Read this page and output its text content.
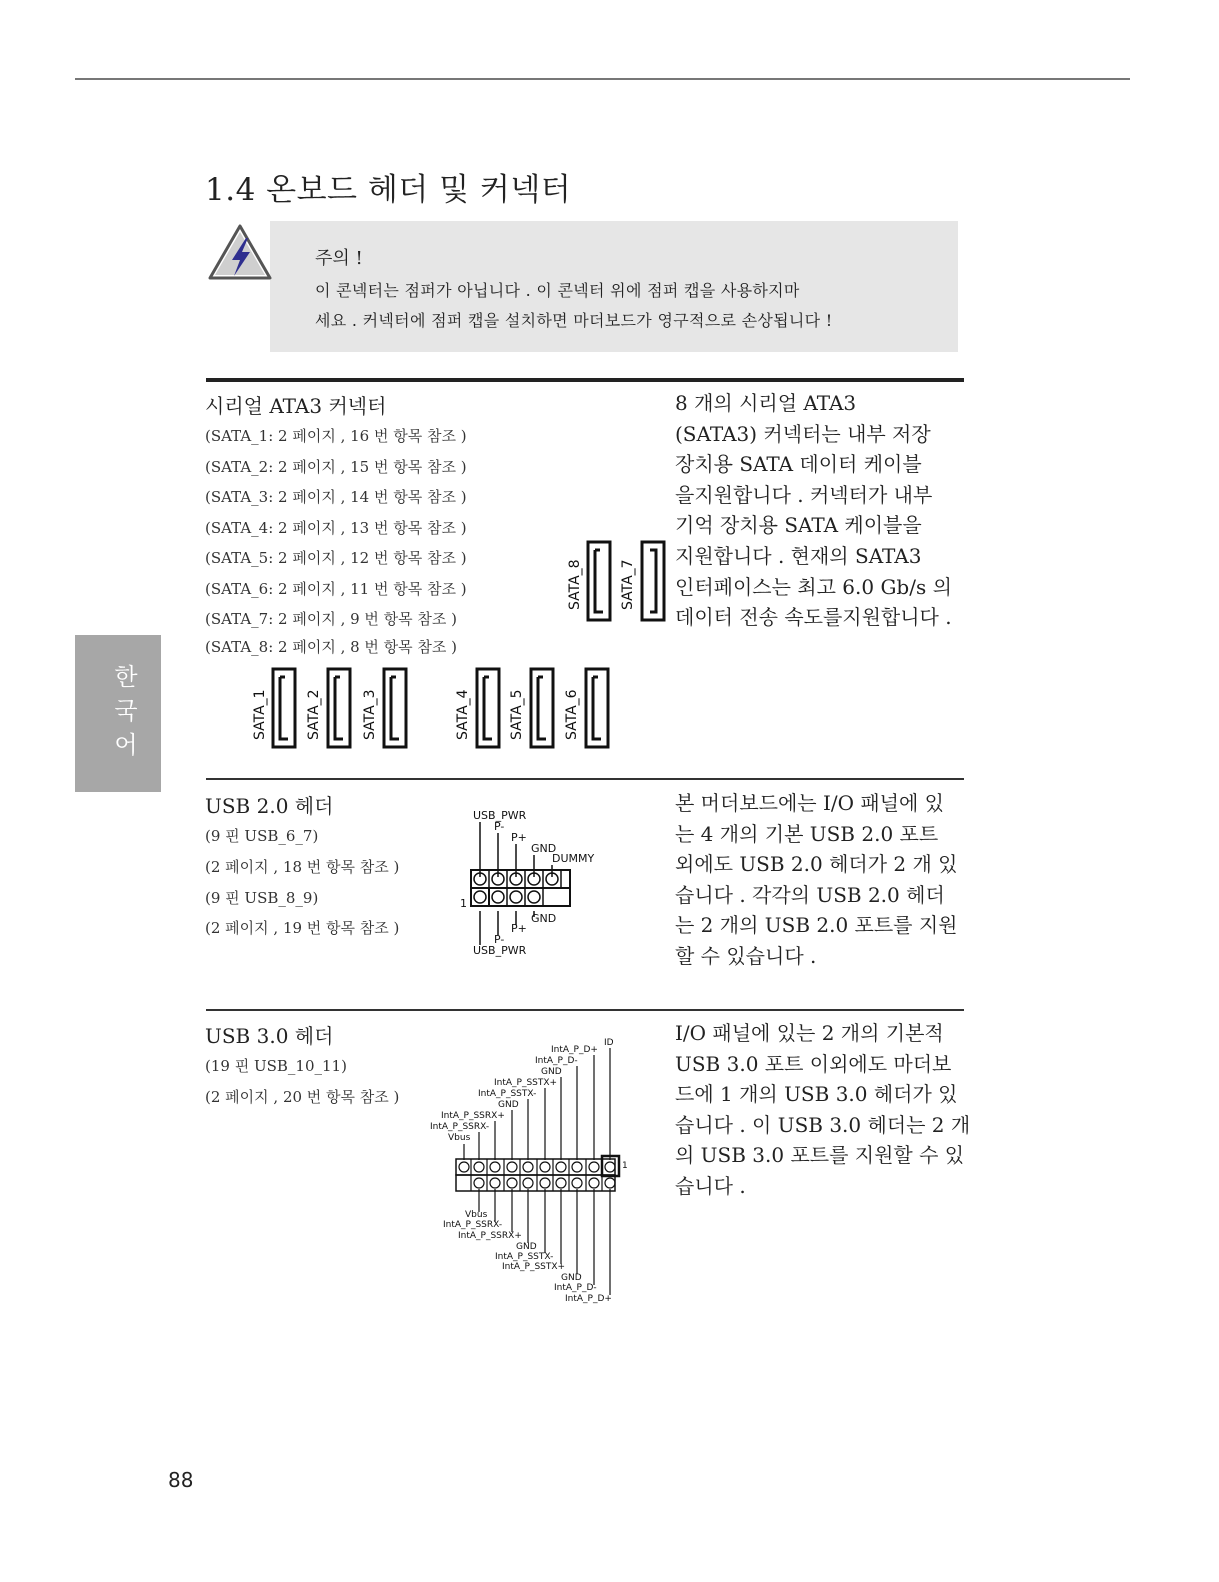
1.4 온보드 헤더 및 커넥터
주의 !
이 콘넥터는 점퍼가 아닙니다 . 이 콘넥터 위에 점퍼 캡을 사용하지마
세요 . 커넥터에 점퍼 캡을 설치하면 마더보드가 영구적으로 손상됩니다 !
한
국
어
시리얼 ATA3 커넥터
(SATA_1: 2 페이지 , 16 번 항목 참조 )
(SATA_2: 2 페이지 , 15 번 항목 참조 )
(SATA_3: 2 페이지 , 14 번 항목 참조 )
(SATA_4: 2 페이지 , 13 번 항목 참조 )
(SATA_5: 2 페이지 , 12 번 항목 참조 )
(SATA_6: 2 페이지 , 11 번 항목 참조 )
(SATA_7: 2 페이지 , 9 번 항목 참조 )
(SATA_8: 2 페이지 , 8 번 항목 참조 )
8 개의 시리얼 ATA3
(SATA3) 커넥터는 내부 저장
장치용 SATA 데이터 케이블
을지원합니다 . 커넥터가 내부
기억 장치용 SATA 케이블을
지원합니다 . 현재의 SATA3
인터페이스는 최고 6.0 Gb/s 의
데이터 전송 속도를지원합니다 .
SATA_8	SATA_7
SATA_1	SATA_2	SATA_3	SATA_4	SATA_5	SATA_6
USB 2.0 헤더
(9 핀 USB_6_7)
(2 페이지 , 18 번 항목 참조 )
(9 핀 USB_8_9)
(2 페이지 , 19 번 항목 참조 )
본 머더보드에는 I/O 패널에 있
는 4 개의 기본 USB 2.0 포트
외에도 USB 2.0 헤더가 2 개 있
습니다 . 각각의 USB 2.0 헤더
는 2 개의 USB 2.0 포트를 지원
할 수 있습니다 .
USB_PWR
P-
P+
GND
DUMMY
1
GND
P+
P-
USB_PWR
USB 3.0 헤더
(19 핀 USB_10_11)
(2 페이지 , 20 번 항목 참조 )
I/O 패널에 있는 2 개의 기본적
USB 3.0 포트 이외에도 마더보
드에 1 개의 USB 3.0 헤더가 있
습니다 . 이 USB 3.0 헤더는 2 개
의 USB 3.0 포트를 지원할 수 있
습니다 .
ID
IntA_P_D+
IntA_P_D-
GND
IntA_P_SSTX+
IntA_P_SSTX-
GND
IntA_P_SSRX+
IntA_P_SSRX-
Vbus
1
Vbus
IntA_P_SSRX-
IntA_P_SSRX+
GND
IntA_P_SSTX-
IntA_P_SSTX+
GND
IntA_P_D-
IntA_P_D+
88
